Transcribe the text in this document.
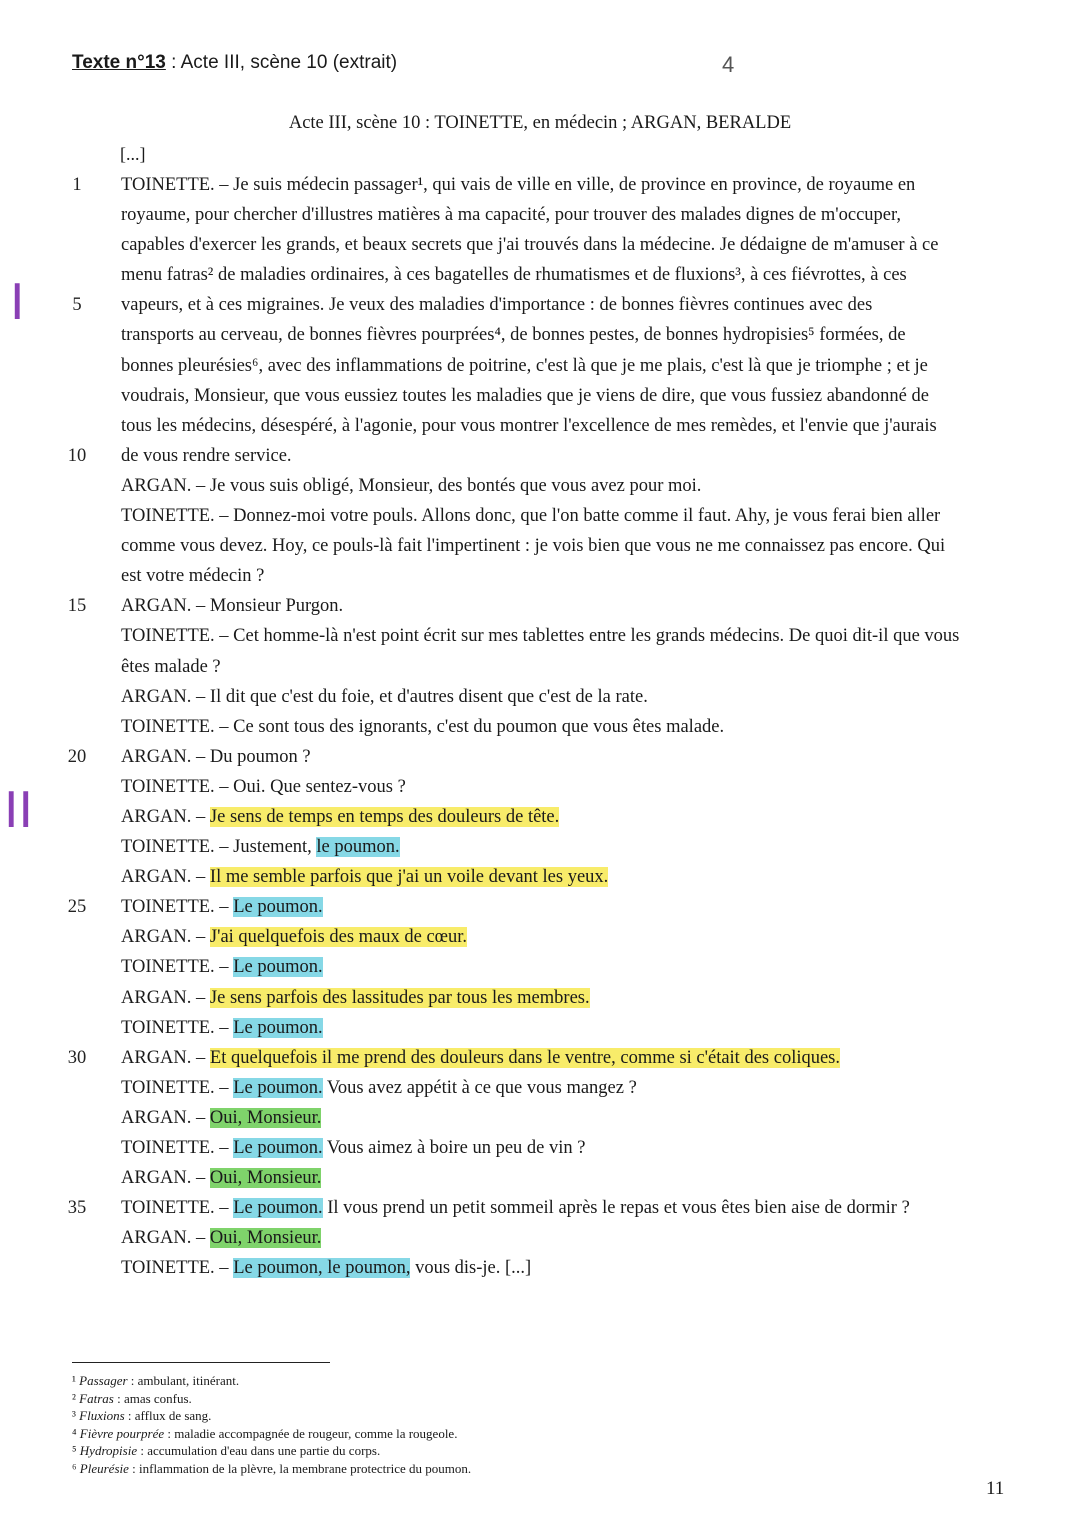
Texte n°13 : Acte III, scène 10 (extrait)	4
Acte III, scène 10 : TOINETTE, en médecin ; ARGAN, BERALDE
[...]
I
II
1	TOINETTE. – Je suis médecin passager¹, qui vais de ville en ville, de province en province, de royaume en
royaume, pour chercher d'illustres matières à ma capacité, pour trouver des malades dignes de m'occuper,
capables d'exercer les grands, et beaux secrets que j'ai trouvés dans la médecine. Je dédaigne de m'amuser à ce
menu fatras² de maladies ordinaires, à ces bagatelles de rhumatismes et de fluxions³, à ces fiévrottes, à ces
5	vapeurs, et à ces migraines. Je veux des maladies d'importance : de bonnes fièvres continues avec des
transports au cerveau, de bonnes fièvres pourprées⁴, de bonnes pestes, de bonnes hydropisies⁵ formées, de
bonnes pleurésies⁶, avec des inflammations de poitrine, c'est là que je me plais, c'est là que je triomphe ; et je
voudrais, Monsieur, que vous eussiez toutes les maladies que je viens de dire, que vous fussiez abandonné de
tous les médecins, désespéré, à l'agonie, pour vous montrer l'excellence de mes remèdes, et l'envie que j'aurais
10	de vous rendre service.
ARGAN. – Je vous suis obligé, Monsieur, des bontés que vous avez pour moi.
TOINETTE. – Donnez-moi votre pouls. Allons donc, que l'on batte comme il faut. Ahy, je vous ferai bien aller
comme vous devez. Hoy, ce pouls-là fait l'impertinent : je vois bien que vous ne me connaissez pas encore. Qui
est votre médecin ?
15	ARGAN. – Monsieur Purgon.
TOINETTE. – Cet homme-là n'est point écrit sur mes tablettes entre les grands médecins. De quoi dit-il que vous
êtes malade ?
ARGAN. – Il dit que c'est du foie, et d'autres disent que c'est de la rate.
TOINETTE. – Ce sont tous des ignorants, c'est du poumon que vous êtes malade.
20	ARGAN. – Du poumon ?
TOINETTE. – Oui. Que sentez-vous ?
ARGAN. – Je sens de temps en temps des douleurs de tête.
TOINETTE. – Justement, le poumon.
ARGAN. – Il me semble parfois que j'ai un voile devant les yeux.
25	TOINETTE. – Le poumon.
ARGAN. – J'ai quelquefois des maux de cœur.
TOINETTE. – Le poumon.
ARGAN. – Je sens parfois des lassitudes par tous les membres.
TOINETTE. – Le poumon.
30	ARGAN. – Et quelquefois il me prend des douleurs dans le ventre, comme si c'était des coliques.
TOINETTE. – Le poumon. Vous avez appétit à ce que vous mangez ?
ARGAN. – Oui, Monsieur.
TOINETTE. – Le poumon. Vous aimez à boire un peu de vin ?
ARGAN. – Oui, Monsieur.
35	TOINETTE. – Le poumon. Il vous prend un petit sommeil après le repas et vous êtes bien aise de dormir ?
ARGAN. – Oui, Monsieur.
TOINETTE. – Le poumon, le poumon, vous dis-je. [...]
¹ Passager : ambulant, itinérant.
² Fatras : amas confus.
³ Fluxions : afflux de sang.
⁴ Fièvre pourprée : maladie accompagnée de rougeur, comme la rougeole.
⁵ Hydropisie : accumulation d'eau dans une partie du corps.
⁶ Pleurésie : inflammation de la plèvre, la membrane protectrice du poumon.
11
